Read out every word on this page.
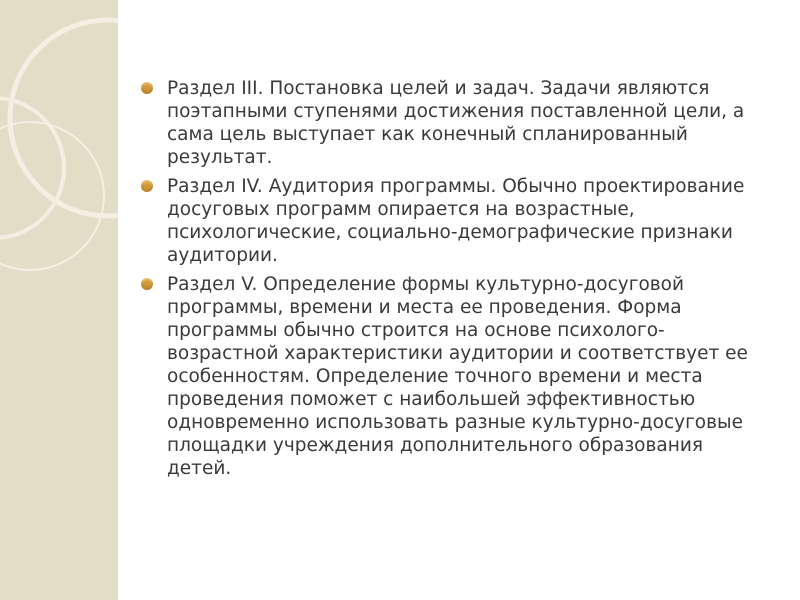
Раздел III. Постановка целей и задач. Задачи являются поэтапными ступенями достижения поставленной цели, а сама цель выступает как конечный спланированный результат.
Раздел IV. Аудитория программы. Обычно проектирование досуговых программ опирается на возрастные, психологические, социально-демографические признаки аудитории.
Раздел V. Определение формы культурно-досуговой программы, времени и места ее проведения. Форма программы обычно строится на основе психолого-возрастной характеристики аудитории и соответствует ее особенностям. Определение точного времени и места проведения поможет с наибольшей эффективностью одновременно использовать разные культурно-досуговые площадки учреждения дополнительного образования детей.
